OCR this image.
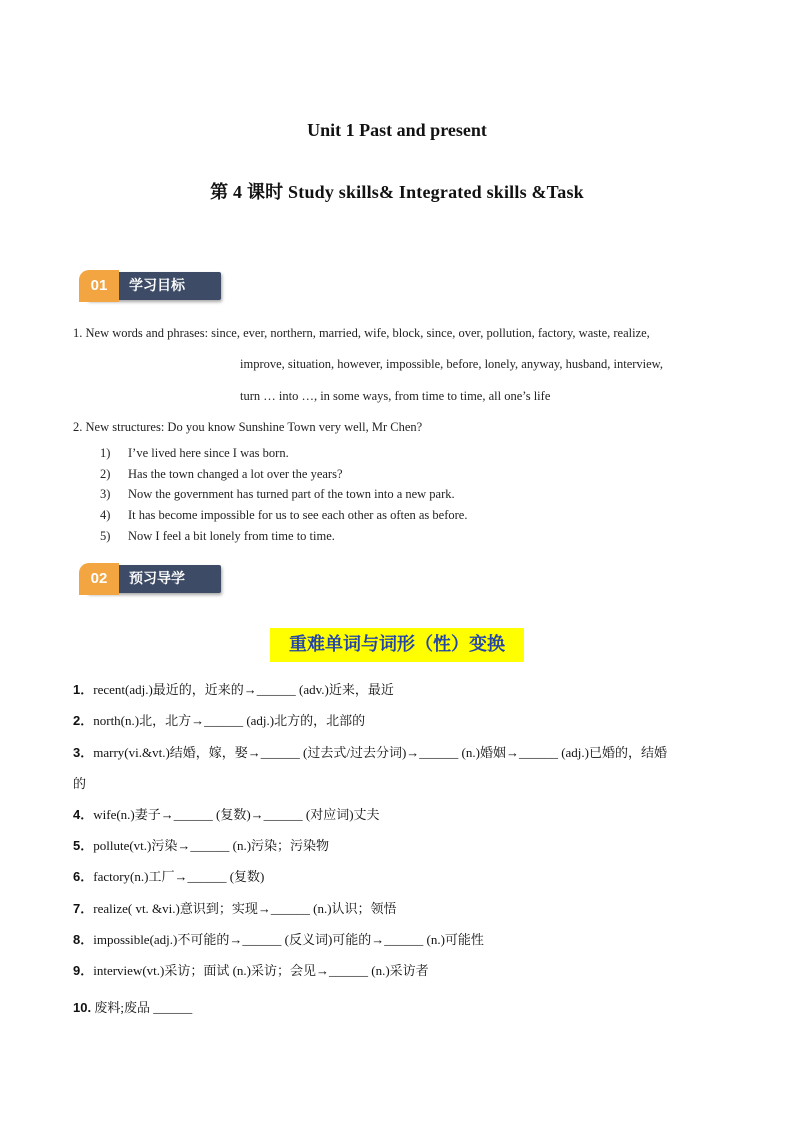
Unit 1 Past and present
第 4 课时 Study skills& Integrated skills &Task
01	学习目标
1. New words and phrases: since, ever, northern, married, wife, block, since, over, pollution, factory, waste, realize,
improve, situation, however, impossible, before, lonely, anyway, husband, interview,
turn … into …, in some ways, from time to time, all one’s life
2. New structures: Do you know Sunshine Town very well, Mr Chen?
1) I’ve lived here since I was born.
2) Has the town changed a lot over the years?
3) Now the government has turned part of the town into a new park.
4) It has become impossible for us to see each other as often as before.
5) Now I feel a bit lonely from time to time.
02	预习导学
重难单词与词形（性）变换
1．recent(adj.)最近的，近来的→______ (adv.)近来，最近
2．north(n.)北，北方→______ (adj.)北方的，北部的
3．marry(vi.&vt.)结婚，嫁，娶→______ (过去式/过去分词)→______ (n.)婚姻→______ (adj.)已婚的，结婚
的
4．wife(n.)妻子→______ (复数)→______ (对应词)丈夫
5．pollute(vt.)污染→______ (n.)污染；污染物
6．factory(n.)工厂→______ (复数)
7．realize( vt. &vi.)意识到；实现→______ (n.)认识；领悟
8．impossible(adj.)不可能的→______ (反义词)可能的→______ (n.)可能性
9．interview(vt.)采访；面试 (n.)采访；会见→______ (n.)采访者
10. 废料;废品 ______
